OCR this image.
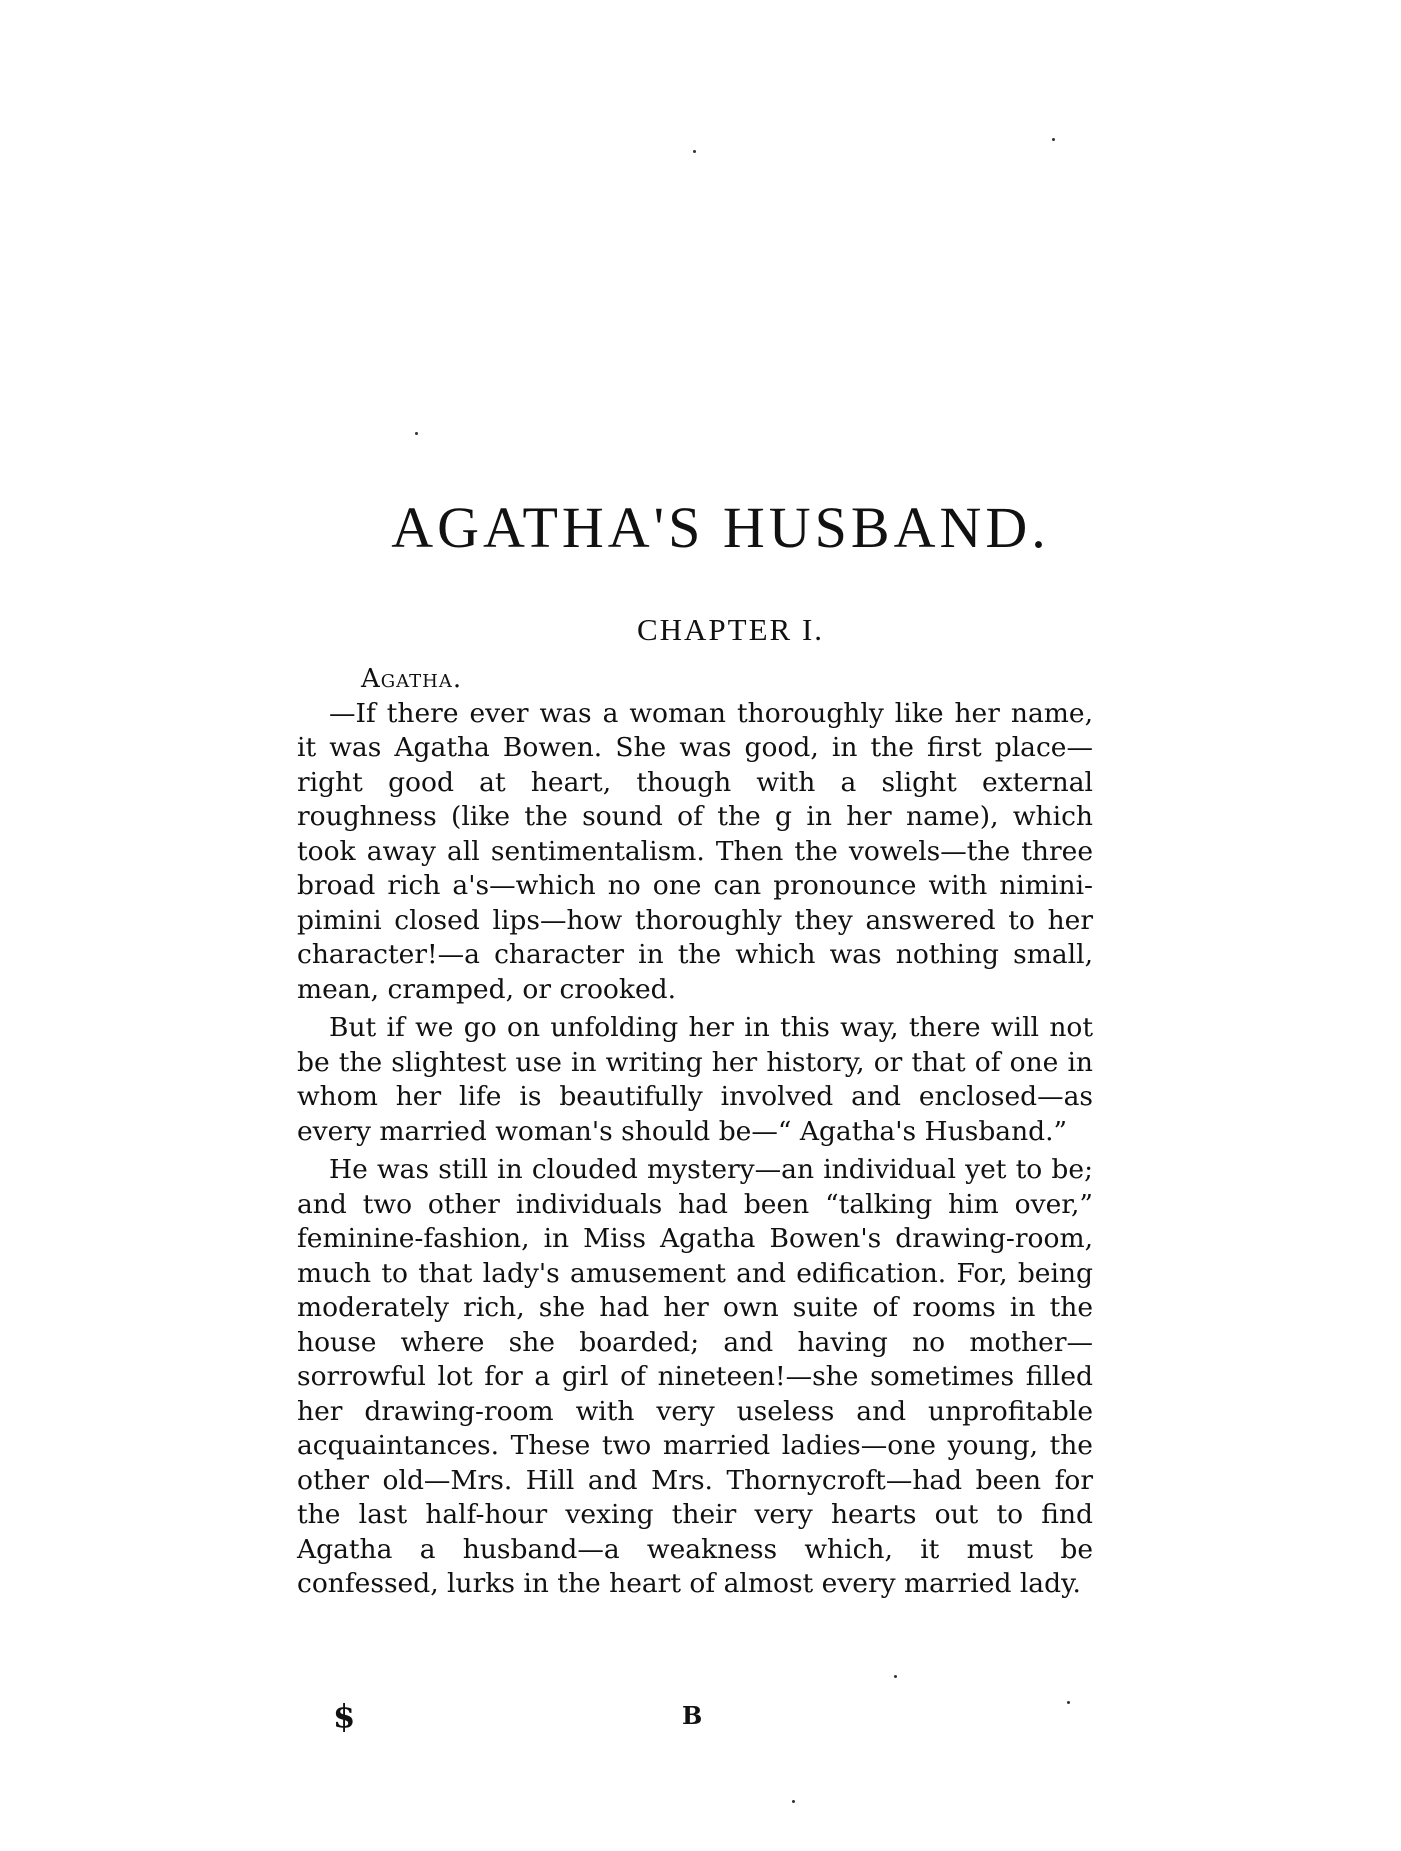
AGATHA'S HUSBAND.
CHAPTER I.
Agatha.

—If there ever was a woman thoroughly like her name, it was Agatha Bowen. She was good, in the first place—right good at heart, though with a slight external roughness (like the sound of the g in her name), which took away all sentimentalism. Then the vowels—the three broad rich a's—which no one can pronounce with nimini-pimini closed lips—how thoroughly they answered to her character!—a character in the which was nothing small, mean, cramped, or crooked.

But if we go on unfolding her in this way, there will not be the slightest use in writing her history, or that of one in whom her life is beautifully involved and enclosed—as every married woman's should be—“ Agatha's Husband.”

He was still in clouded mystery—an individual yet to be; and two other individuals had been “talking him over,” feminine-fashion, in Miss Agatha Bowen's drawing-room, much to that lady's amusement and edification. For, being moderately rich, she had her own suite of rooms in the house where she boarded; and having no mother—sorrowful lot for a girl of nineteen!—she sometimes filled her drawing-room with very useless and unprofitable acquaintances. These two married ladies—one young, the other old—Mrs. Hill and Mrs. Thornycroft—had been for the last half-hour vexing their very hearts out to find Agatha a husband—a weakness which, it must be confessed, lurks in the heart of almost every married lady.

$	B
